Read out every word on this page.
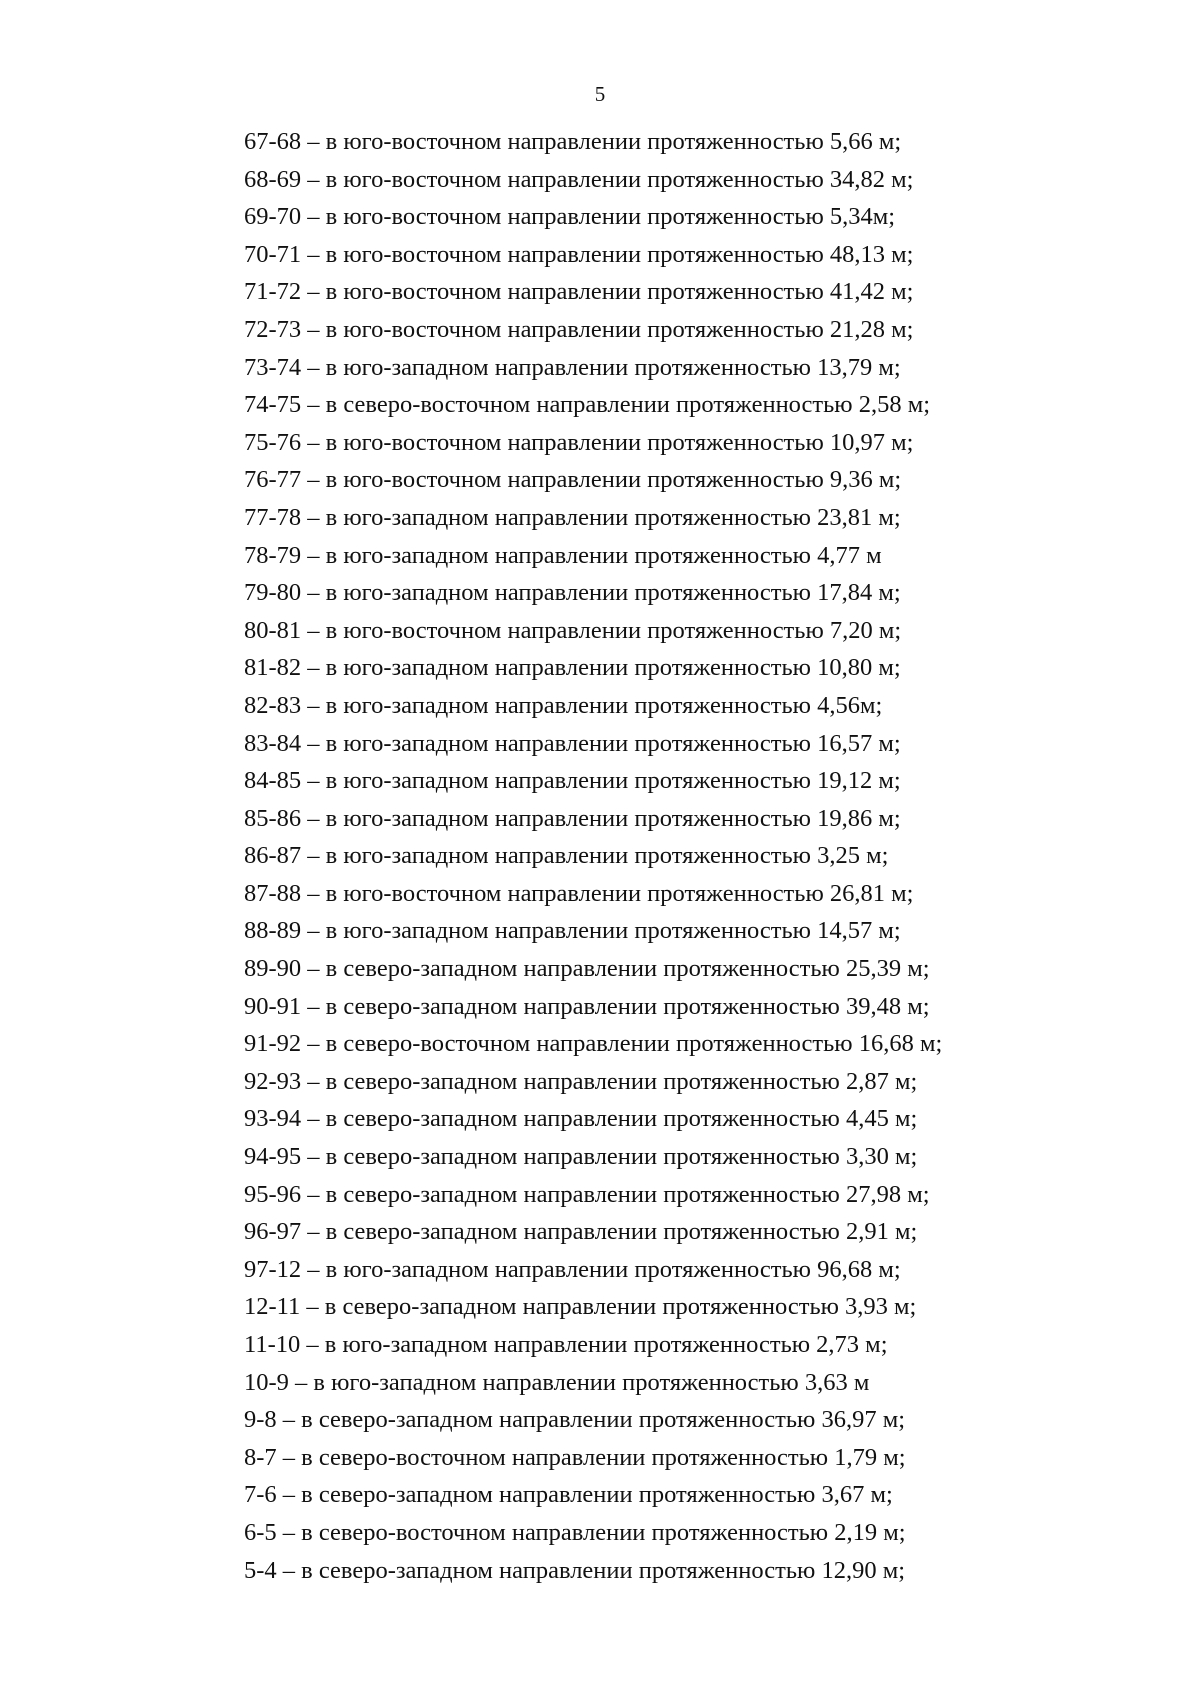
5
67-68 – в юго-восточном направлении протяженностью 5,66 м;
68-69 – в юго-восточном направлении протяженностью 34,82 м;
69-70 – в юго-восточном направлении протяженностью 5,34м;
70-71 – в юго-восточном направлении протяженностью 48,13 м;
71-72 – в юго-восточном направлении протяженностью 41,42 м;
72-73 – в юго-восточном направлении протяженностью 21,28 м;
73-74 – в юго-западном направлении протяженностью 13,79 м;
74-75 – в северо-восточном направлении протяженностью 2,58 м;
75-76 – в юго-восточном направлении протяженностью 10,97 м;
76-77 – в юго-восточном направлении протяженностью 9,36 м;
77-78 – в юго-западном направлении протяженностью 23,81 м;
78-79 – в юго-западном направлении протяженностью 4,77 м
79-80 – в юго-западном направлении протяженностью 17,84 м;
80-81 – в юго-восточном направлении протяженностью 7,20 м;
81-82 – в юго-западном направлении протяженностью 10,80 м;
82-83 – в юго-западном направлении протяженностью 4,56м;
83-84 – в юго-западном направлении протяженностью 16,57 м;
84-85 – в юго-западном направлении протяженностью 19,12 м;
85-86 – в юго-западном направлении протяженностью 19,86 м;
86-87 – в юго-западном направлении протяженностью 3,25 м;
87-88 – в юго-восточном направлении протяженностью 26,81 м;
88-89 – в юго-западном направлении протяженностью 14,57 м;
89-90 – в северо-западном направлении протяженностью 25,39 м;
90-91 – в северо-западном направлении протяженностью 39,48 м;
91-92 – в северо-восточном направлении протяженностью 16,68 м;
92-93 – в северо-западном направлении протяженностью 2,87 м;
93-94 – в северо-западном направлении протяженностью 4,45 м;
94-95 – в северо-западном направлении протяженностью 3,30 м;
95-96 – в северо-западном направлении протяженностью 27,98 м;
96-97 – в северо-западном направлении протяженностью 2,91 м;
97-12 – в юго-западном направлении протяженностью 96,68 м;
12-11 – в северо-западном направлении протяженностью 3,93 м;
11-10 – в юго-западном направлении протяженностью 2,73 м;
10-9 – в юго-западном направлении протяженностью 3,63 м
9-8 – в северо-западном направлении протяженностью 36,97 м;
8-7 – в северо-восточном направлении протяженностью 1,79 м;
7-6 – в северо-западном направлении протяженностью 3,67 м;
6-5 – в северо-восточном направлении протяженностью 2,19 м;
5-4 – в северо-западном направлении протяженностью 12,90 м;
